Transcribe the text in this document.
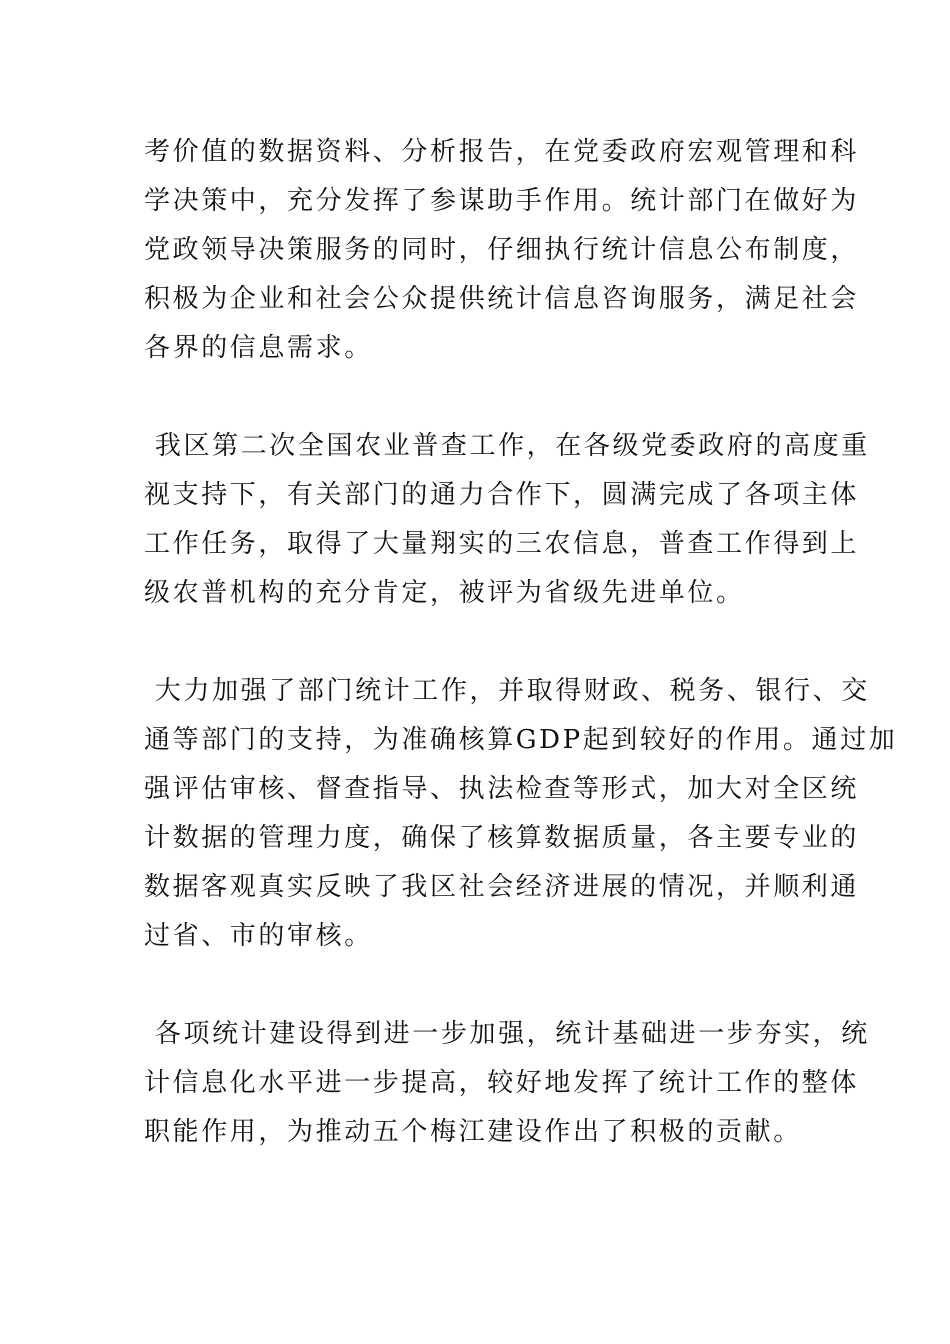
考价值的数据资料、分析报告，在党委政府宏观管理和科
学决策中，充分发挥了参谋助手作用。统计部门在做好为
党政领导决策服务的同时，仔细执行统计信息公布制度，
积极为企业和社会公众提供统计信息咨询服务，满足社会
各界的信息需求。

我区第二次全国农业普查工作，在各级党委政府的高度重
视支持下，有关部门的通力合作下，圆满完成了各项主体
工作任务，取得了大量翔实的三农信息，普查工作得到上
级农普机构的充分肯定，被评为省级先进单位。

大力加强了部门统计工作，并取得财政、税务、银行、交
通等部门的支持，为准确核算GDP起到较好的作用。通过加
强评估审核、督查指导、执法检查等形式，加大对全区统
计数据的管理力度，确保了核算数据质量，各主要专业的
数据客观真实反映了我区社会经济进展的情况，并顺利通
过省、市的审核。

各项统计建设得到进一步加强，统计基础进一步夯实，统
计信息化水平进一步提高，较好地发挥了统计工作的整体
职能作用，为推动五个梅江建设作出了积极的贡献。
